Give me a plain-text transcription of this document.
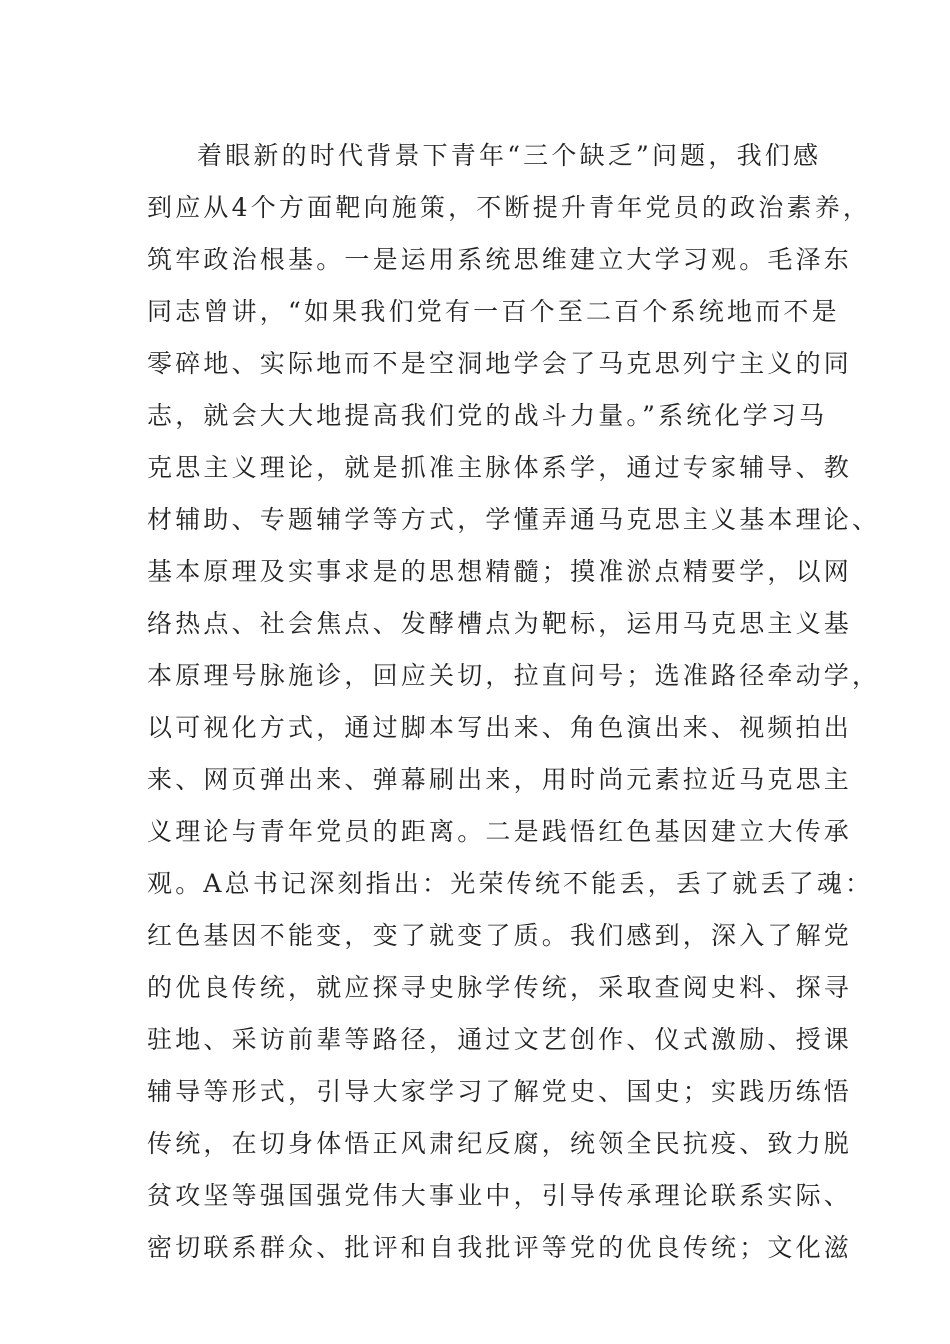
着眼新的时代背景下青年“三个缺乏”问题，我们感
到应从4个方面靶向施策，不断提升青年党员的政治素养，
筑牢政治根基。一是运用系统思维建立大学习观。毛泽东
同志曾讲，“如果我们党有一百个至二百个系统地而不是
零碎地、实际地而不是空洞地学会了马克思列宁主义的同
志，就会大大地提高我们党的战斗力量。”系统化学习马
克思主义理论，就是抓准主脉体系学，通过专家辅导、教
材辅助、专题辅学等方式，学懂弄通马克思主义基本理论、
基本原理及实事求是的思想精髓；摸准淤点精要学，以网
络热点、社会焦点、发酵槽点为靶标，运用马克思主义基
本原理号脉施诊，回应关切，拉直问号；选准路径牵动学，
以可视化方式，通过脚本写出来、角色演出来、视频拍出
来、网页弹出来、弹幕刷出来，用时尚元素拉近马克思主
义理论与青年党员的距离。二是践悟红色基因建立大传承
观。A总书记深刻指出：光荣传统不能丢，丢了就丢了魂：
红色基因不能变，变了就变了质。我们感到，深入了解党
的优良传统，就应探寻史脉学传统，采取查阅史料、探寻
驻地、采访前辈等路径，通过文艺创作、仪式激励、授课
辅导等形式，引导大家学习了解党史、国史；实践历练悟
传统，在切身体悟正风肃纪反腐，统领全民抗疫、致力脱
贫攻坚等强国强党伟大事业中，引导传承理论联系实际、
密切联系群众、批评和自我批评等党的优良传统；文化滋
